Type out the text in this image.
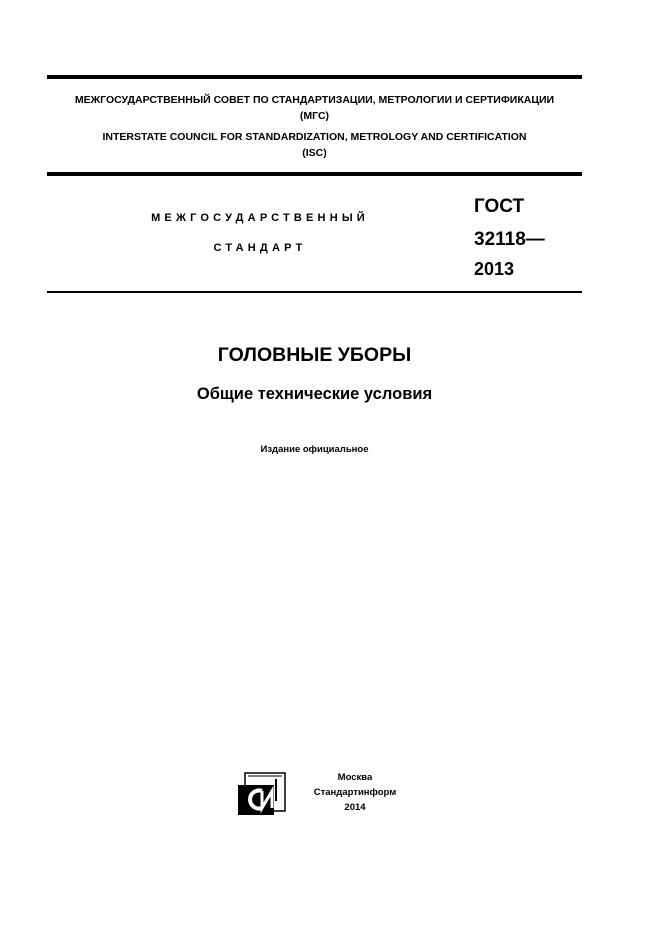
МЕЖГОСУДАРСТВЕННЫЙ СОВЕТ ПО СТАНДАРТИЗАЦИИ, МЕТРОЛОГИИ И СЕРТИФИКАЦИИ
(МГС)
INTERSTATE COUNCIL FOR STANDARDIZATION, METROLOGY AND CERTIFICATION
(ISC)
МЕЖГОСУДАРСТВЕННЫЙ
СТАНДАРТ
ГОСТ
32118—
2013
ГОЛОВНЫЕ УБОРЫ
Общие технические условия
Издание официальное
Москва
Стандартинформ
2014
